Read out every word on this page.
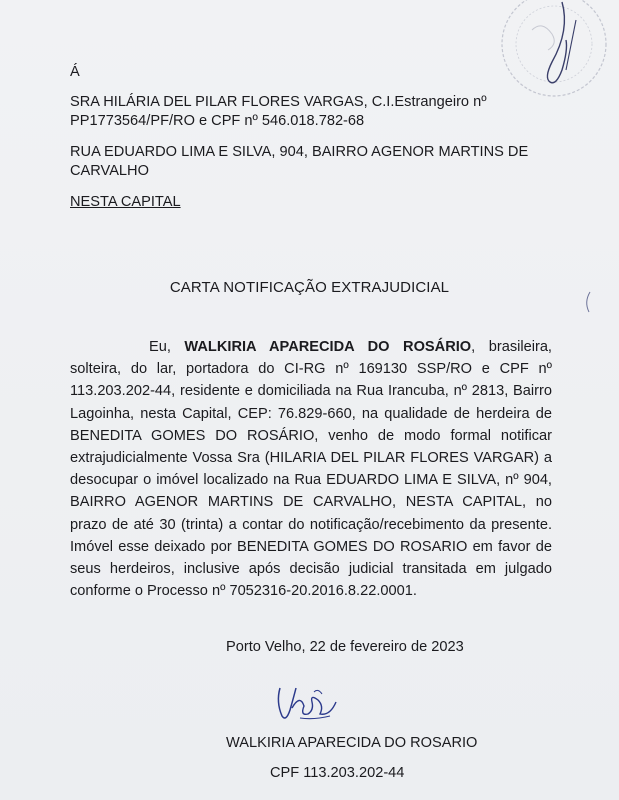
Á
SRA HILÁRIA DEL PILAR FLORES VARGAS, C.I.Estrangeiro nº
PP1773564/PF/RO e CPF nº 546.018.782-68
RUA EDUARDO LIMA E SILVA, 904, BAIRRO AGENOR MARTINS DE
CARVALHO
NESTA CAPITAL
CARTA NOTIFICAÇÃO EXTRAJUDICIAL

Eu, WALKIRIA APARECIDA DO ROSÁRIO, brasileira, solteira, do lar, portadora do CI-RG nº 169130 SSP/RO e CPF nº 113.203.202-44, residente e domiciliada na Rua Irancuba, nº 2813, Bairro Lagoinha, nesta Capital, CEP: 76.829-660, na qualidade de herdeira de BENEDITA GOMES DO ROSÁRIO, venho de modo formal notificar extrajudicialmente Vossa Sra (HILARIA DEL PILAR FLORES VARGAR) a desocupar o imóvel localizado na Rua EDUARDO LIMA E SILVA, nº 904, BAIRRO AGENOR MARTINS DE CARVALHO, NESTA CAPITAL, no prazo de até 30 (trinta) a contar do notificação/recebimento da presente. Imóvel esse deixado por BENEDITA GOMES DO ROSARIO em favor de seus herdeiros, inclusive após decisão judicial transitada em julgado conforme o Processo nº 7052316-20.2016.8.22.0001.

Porto Velho, 22 de fevereiro de 2023
WALKIRIA APARECIDA DO ROSARIO
CPF 113.203.202-44
